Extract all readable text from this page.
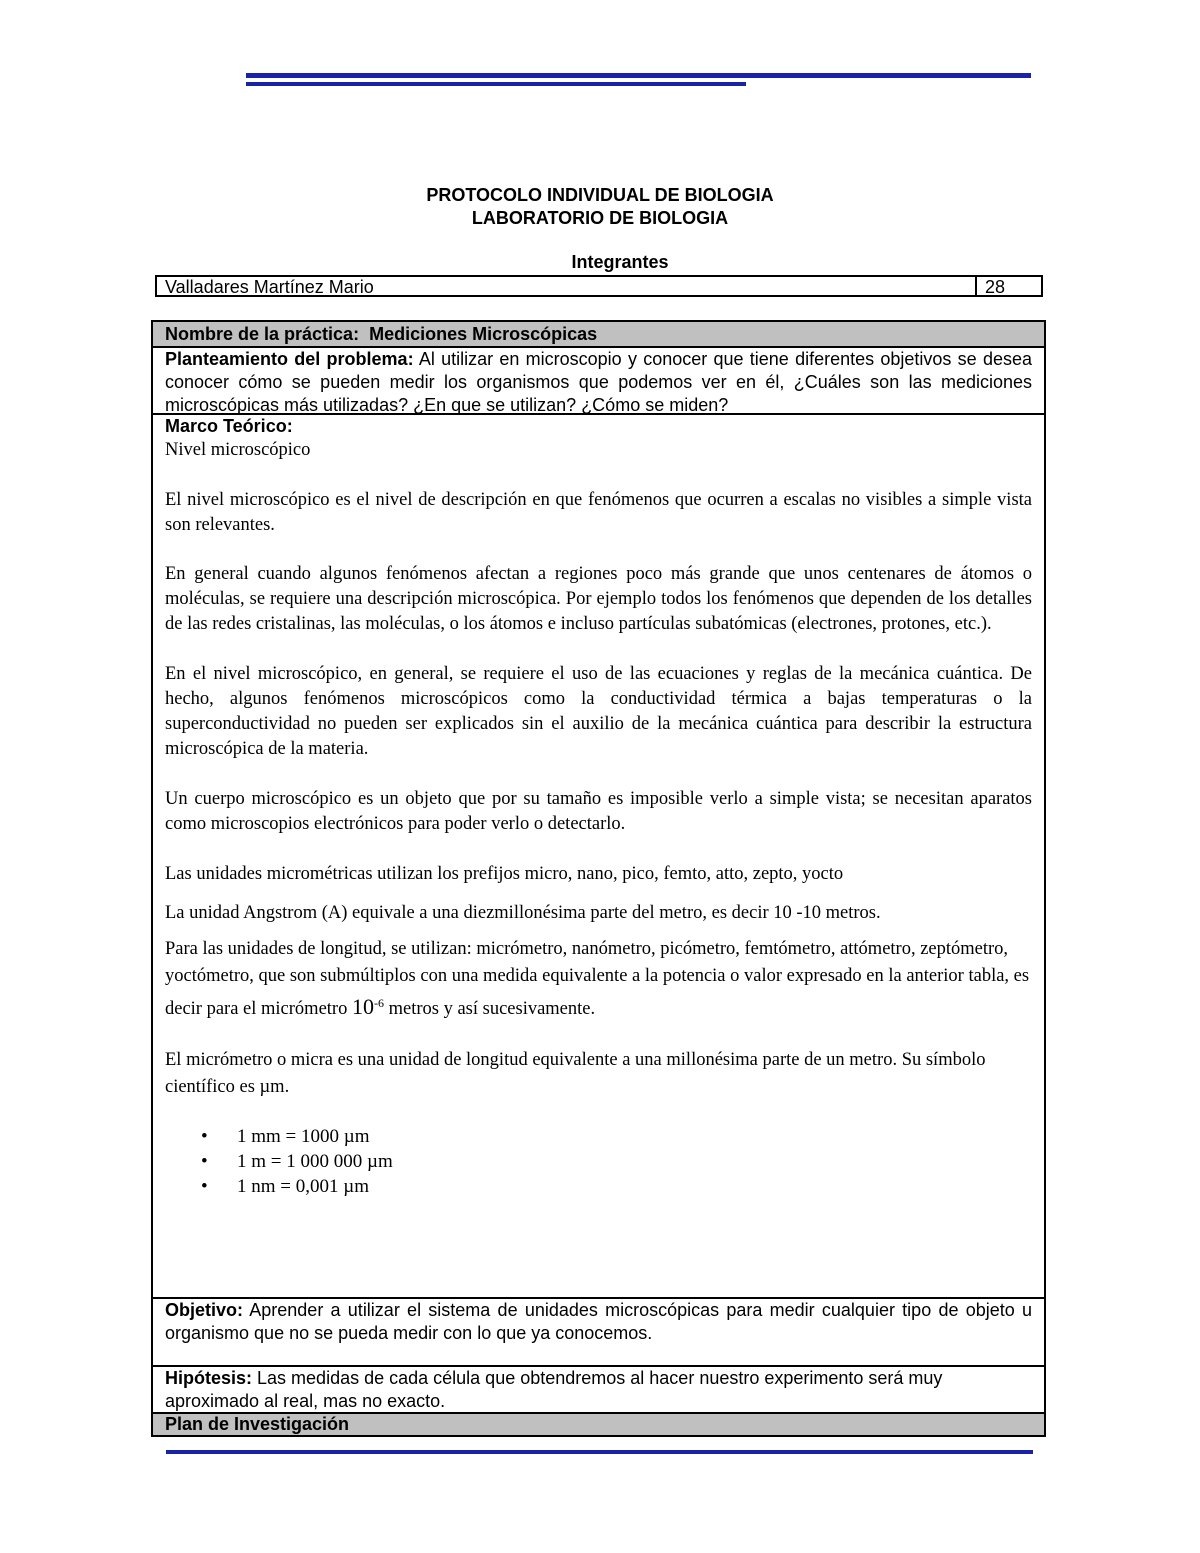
PROTOCOLO INDIVIDUAL DE BIOLOGIA
LABORATORIO DE BIOLOGIA
Integrantes
Valladares Martínez Mario	28
Nombre de la práctica: Mediciones Microscópicas

Planteamiento del problema: Al utilizar en microscopio y conocer que tiene diferentes objetivos se desea conocer cómo se pueden medir los organismos que podemos ver en él, ¿Cuáles son las mediciones microscópicas más utilizadas? ¿En que se utilizan? ¿Cómo se miden?

Marco Teórico:

Nivel microscópico

El nivel microscópico es el nivel de descripción en que fenómenos que ocurren a escalas no visibles a simple vista son relevantes.

En general cuando algunos fenómenos afectan a regiones poco más grande que unos centenares de átomos o moléculas, se requiere una descripción microscópica. Por ejemplo todos los fenómenos que dependen de los detalles de las redes cristalinas, las moléculas, o los átomos e incluso partículas subatómicas (electrones, protones, etc.).

En el nivel microscópico, en general, se requiere el uso de las ecuaciones y reglas de la mecánica cuántica. De hecho, algunos fenómenos microscópicos como la conductividad térmica a bajas temperaturas o la superconductividad no pueden ser explicados sin el auxilio de la mecánica cuántica para describir la estructura microscópica de la materia.

Un cuerpo microscópico es un objeto que por su tamaño es imposible verlo a simple vista; se necesitan aparatos como microscopios electrónicos para poder verlo o detectarlo.

Las unidades micrométricas utilizan los prefijos micro, nano, pico, femto, atto, zepto, yocto

La unidad Angstrom (A) equivale a una diezmillonésima parte del metro, es decir 10 -10 metros.

Para las unidades de longitud, se utilizan: micrómetro, nanómetro, picómetro, femtómetro, attómetro, zeptómetro, yoctómetro, que son submúltiplos con una medida equivalente a la potencia o valor expresado en la anterior tabla, es decir para el micrómetro $10^{-6}$ metros y así sucesivamente.

El micrómetro o micra es una unidad de longitud equivalente a una millonésima parte de un metro. Su símbolo científico es µm.

• 1 mm = 1000 µm
• 1 m = 1 000 000 µm
• 1 nm = 0,001 µm

Objetivo: Aprender a utilizar el sistema de unidades microscópicas para medir cualquier tipo de objeto u organismo que no se pueda medir con lo que ya conocemos.

Hipótesis: Las medidas de cada célula que obtendremos al hacer nuestro experimento será muy aproximado al real, mas no exacto.

Plan de Investigación
